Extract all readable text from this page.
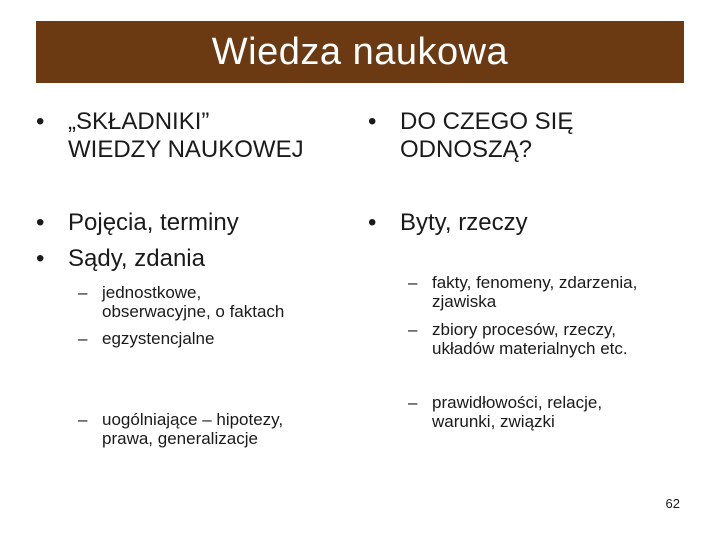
Wiedza naukowa
• „SKŁADNIKI”
WIEDZY NAUKOWEJ
• Pojęcia, terminy
• Sądy, zdania
– jednostkowe,
obserwacyjne, o faktach
– egzystencjalne
– uogólniające – hipotezy,
prawa, generalizacje
• DO CZEGO SIĘ
ODNOSZĄ?
• Byty, rzeczy
– fakty, fenomeny, zdarzenia,
zjawiska
– zbiory procesów, rzeczy,
układów materialnych etc.
– prawidłowości, relacje,
warunki, związki
62
